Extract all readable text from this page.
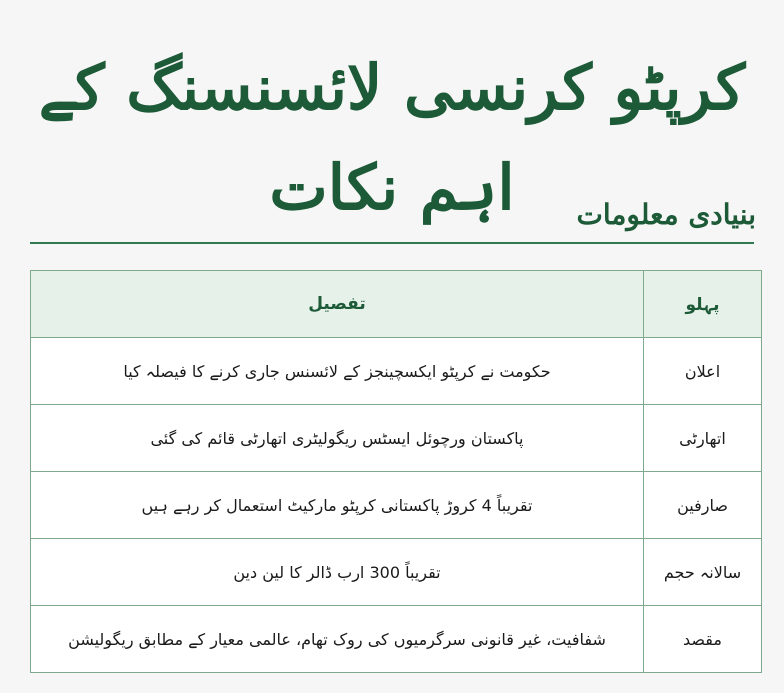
کرپٹو کرنسی لائسنسنگ کے اہم نکات	بنیادی معلومات
پہلو	تفصیل
اعلان	حکومت نے کرپٹو ایکسچینجز کے لائسنس جاری کرنے کا فیصلہ کیا
اتھارٹی	پاکستان ورچوئل ایسٹس ریگولیٹری اتھارٹی قائم کی گئی
صارفین	تقریباً 4 کروڑ پاکستانی کرپٹو مارکیٹ استعمال کر رہے ہیں
سالانہ حجم	تقریباً 300 ارب ڈالر کا لین دین
مقصد	شفافیت، غیر قانونی سرگرمیوں کی روک تھام، عالمی معیار کے مطابق ریگولیشن
